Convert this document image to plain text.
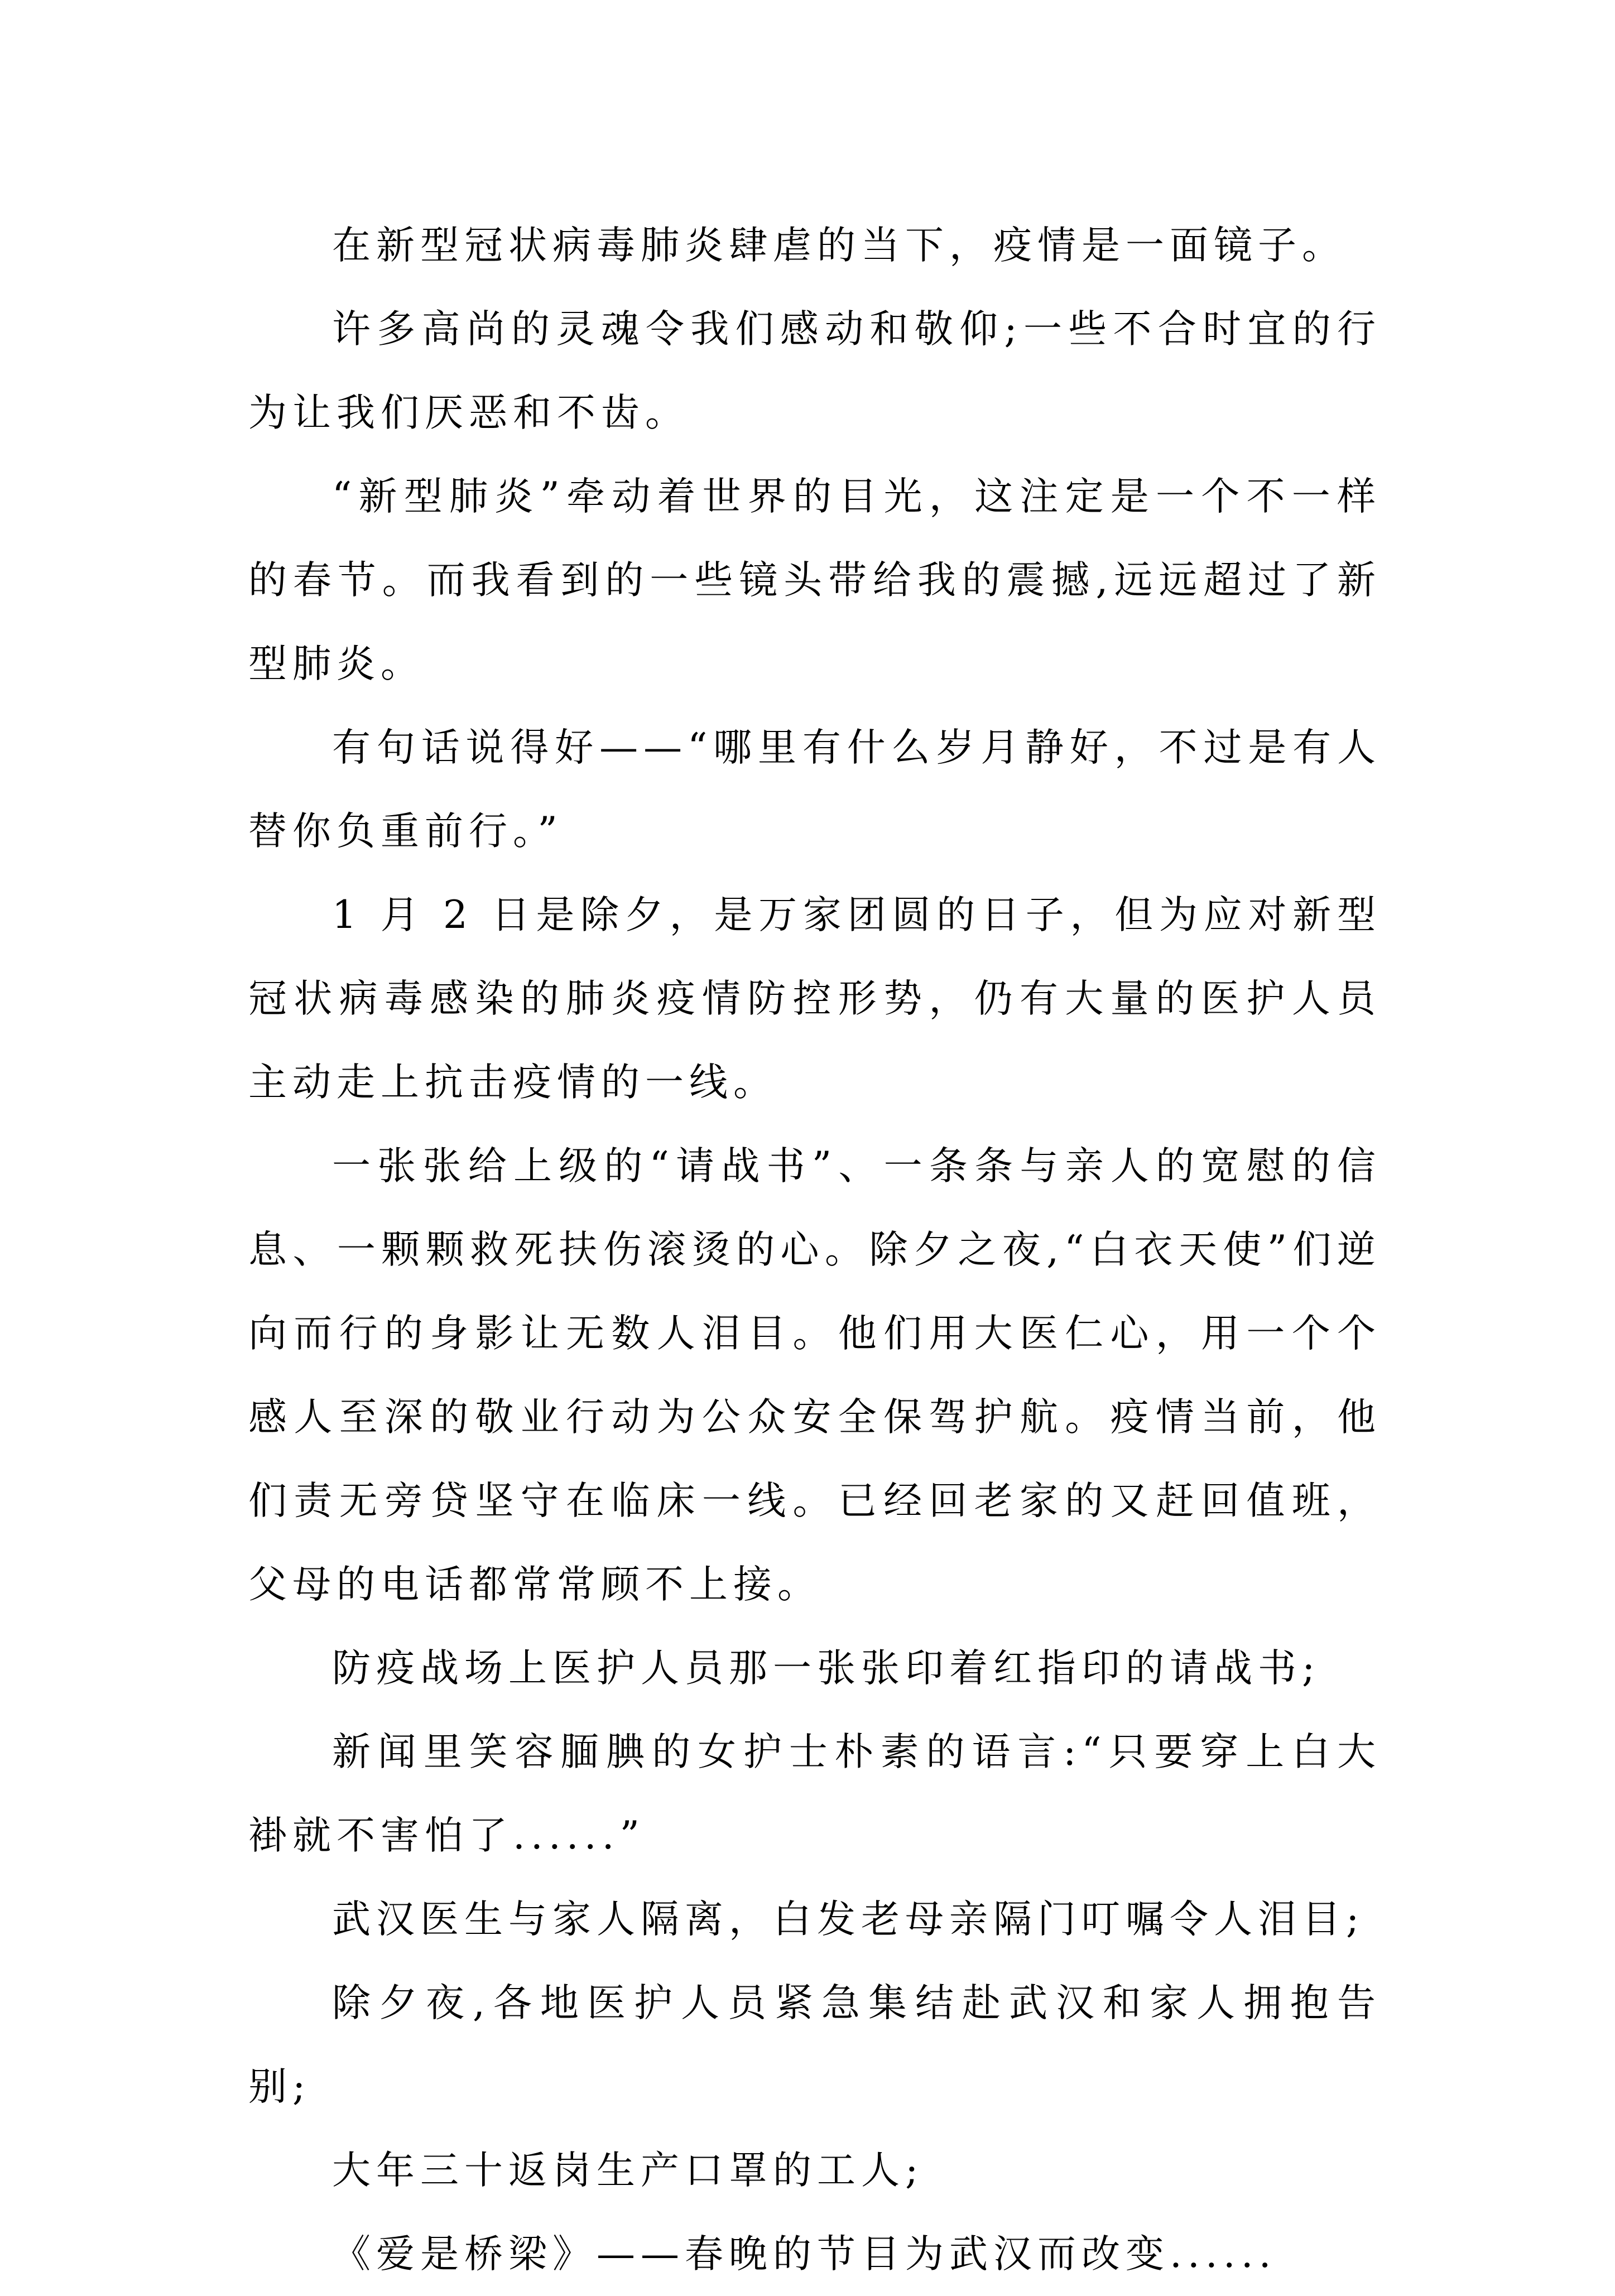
在新型冠状病毒肺炎肆虐的当下，疫情是一面镜子。

许多高尚的灵魂令我们感动和敬仰;一些不合时宜的行为让我们厌恶和不齿。

“新型肺炎”牵动着世界的目光，这注定是一个不一样的春节。而我看到的一些镜头带给我的震撼,远远超过了新型肺炎。

有句话说得好——“哪里有什么岁月静好，不过是有人替你负重前行。”

1 月 2 日是除夕，是万家团圆的日子，但为应对新型冠状病毒感染的肺炎疫情防控形势，仍有大量的医护人员主动走上抗击疫情的一线。

一张张给上级的“请战书”、一条条与亲人的宽慰的信息、一颗颗救死扶伤滚烫的心。除夕之夜,“白衣天使”们逆向而行的身影让无数人泪目。他们用大医仁心，用一个个感人至深的敬业行动为公众安全保驾护航。疫情当前，他们责无旁贷坚守在临床一线。已经回老家的又赶回值班，父母的电话都常常顾不上接。

防疫战场上医护人员那一张张印着红指印的请战书;

新闻里笑容腼腆的女护士朴素的语言:“只要穿上白大褂就不害怕了......”

武汉医生与家人隔离，白发老母亲隔门叮嘱令人泪目;

除夕夜,各地医护人员紧急集结赴武汉和家人拥抱告别;

大年三十返岗生产口罩的工人;

《爱是桥梁》——春晚的节目为武汉而改变......
